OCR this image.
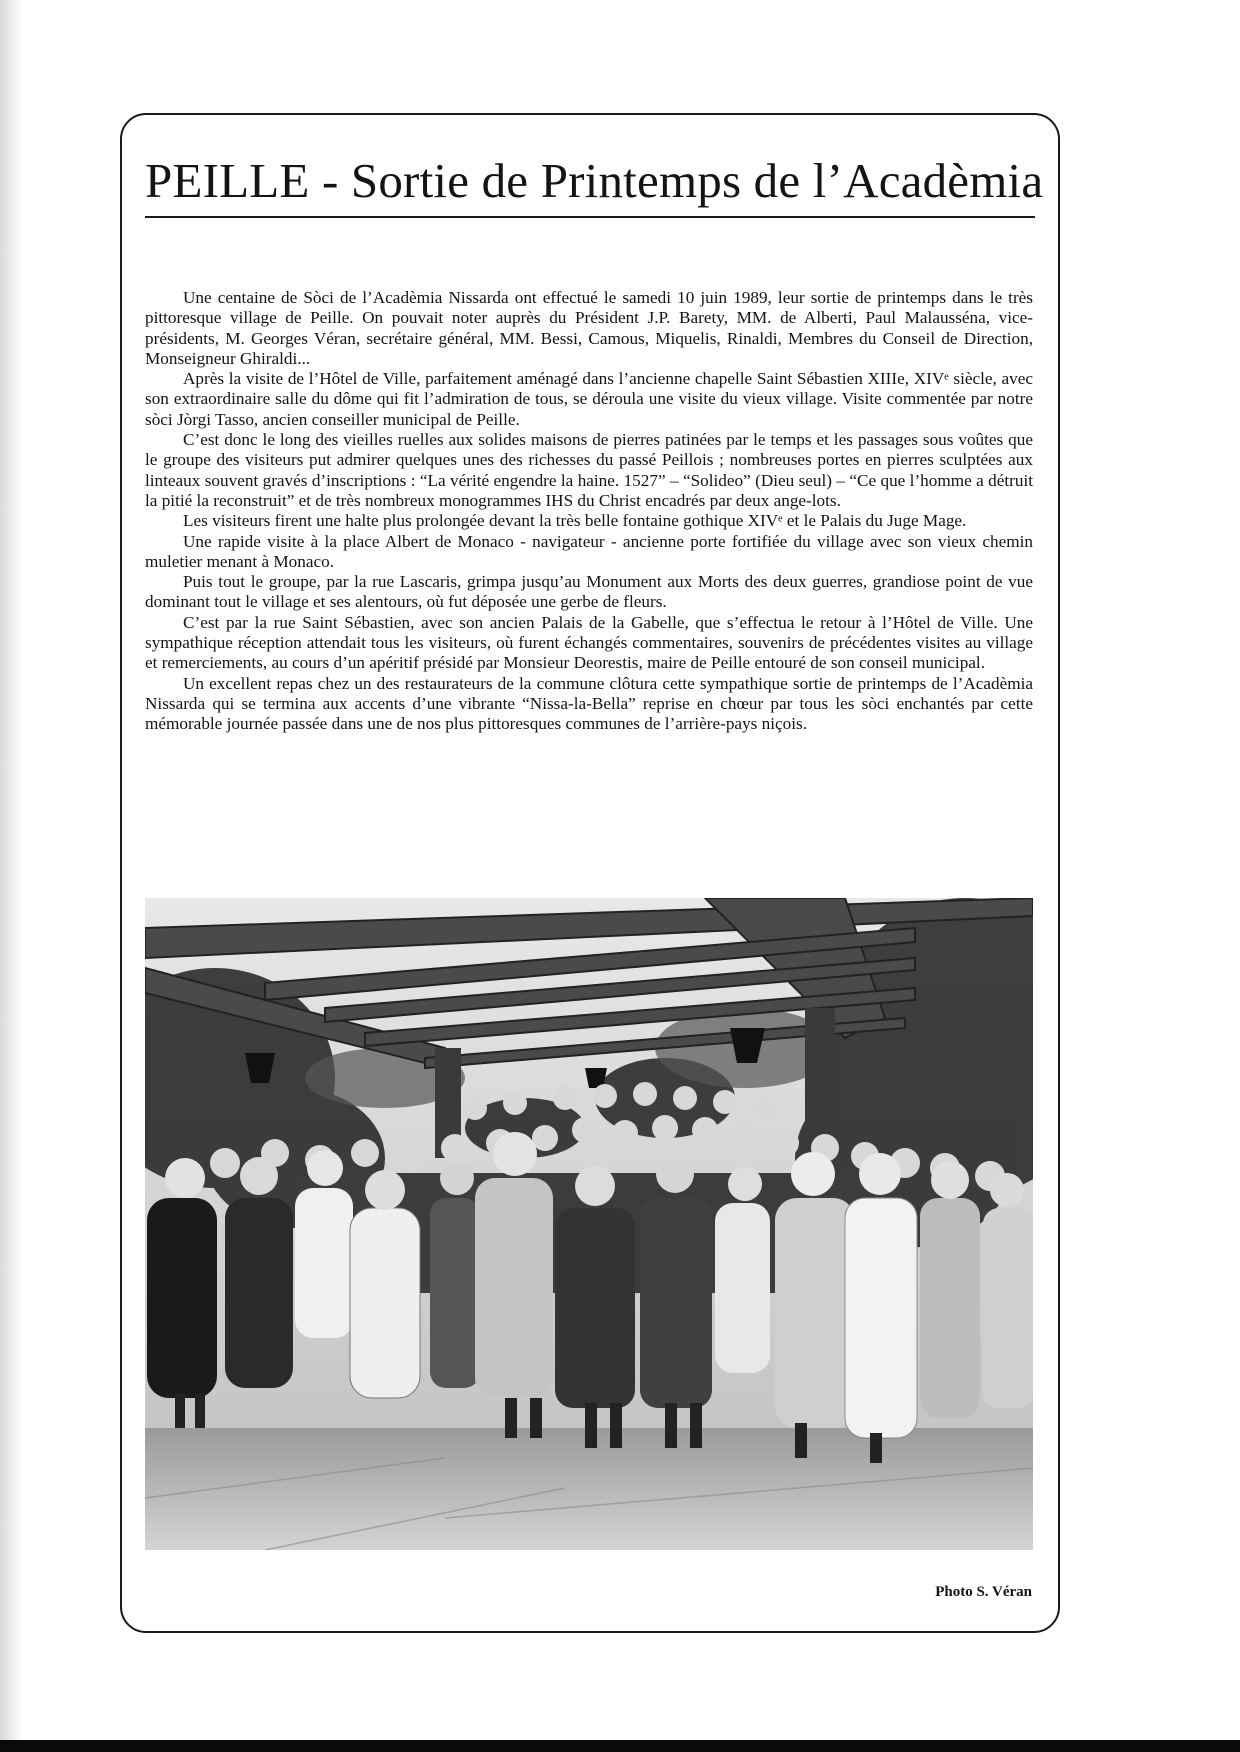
PEILLE - Sortie de Printemps de l’Acadèmia

Une centaine de Sòci de l’Acadèmia Nissarda ont effectué le samedi 10 juin 1989, leur sortie de printemps dans le très pittoresque village de Peille. On pouvait noter auprès du Président J.P. Barety, MM. de Alberti, Paul Malausséna, vice-présidents, M. Georges Véran, secrétaire général, MM. Bessi, Camous, Miquelis, Rinaldi, Membres du Conseil de Direction, Monseigneur Ghiraldi...

Après la visite de l’Hôtel de Ville, parfaitement aménagé dans l’ancienne chapelle Saint Sébastien XIIIe, XIVᵉ siècle, avec son extraordinaire salle du dôme qui fit l’admiration de tous, se déroula une visite du vieux village. Visite commentée par notre sòci Jòrgi Tasso, ancien conseiller municipal de Peille.

C’est donc le long des vieilles ruelles aux solides maisons de pierres patinées par le temps et les passages sous voûtes que le groupe des visiteurs put admirer quelques unes des richesses du passé Peillois ; nombreuses portes en pierres sculptées aux linteaux souvent gravés d’inscriptions : “La vérité engendre la haine. 1527” – “Solideo” (Dieu seul) – “Ce que l’homme a détruit la pitié la reconstruit” et de très nombreux monogrammes IHS du Christ encadrés par deux ange-lots.

Les visiteurs firent une halte plus prolongée devant la très belle fontaine gothique XIVᵉ et le Palais du Juge Mage.

Une rapide visite à la place Albert de Monaco - navigateur - ancienne porte fortifiée du village avec son vieux chemin muletier menant à Monaco.

Puis tout le groupe, par la rue Lascaris, grimpa jusqu’au Monument aux Morts des deux guerres, grandiose point de vue dominant tout le village et ses alentours, où fut déposée une gerbe de fleurs.

C’est par la rue Saint Sébastien, avec son ancien Palais de la Gabelle, que s’effectua le retour à l’Hôtel de Ville. Une sympathique réception attendait tous les visiteurs, où furent échangés commentaires, souvenirs de précédentes visites au village et remerciements, au cours d’un apéritif présidé par Monsieur Deorestis, maire de Peille entouré de son conseil municipal.

Un excellent repas chez un des restaurateurs de la commune clôtura cette sympathique sortie de printemps de l’Acadèmia Nissarda qui se termina aux accents d’une vibrante “Nissa-la-Bella” reprise en chœur par tous les sòci enchantés par cette mémorable journée passée dans une de nos plus pittoresques communes de l’arrière-pays niçois.

Photo S. Véran
